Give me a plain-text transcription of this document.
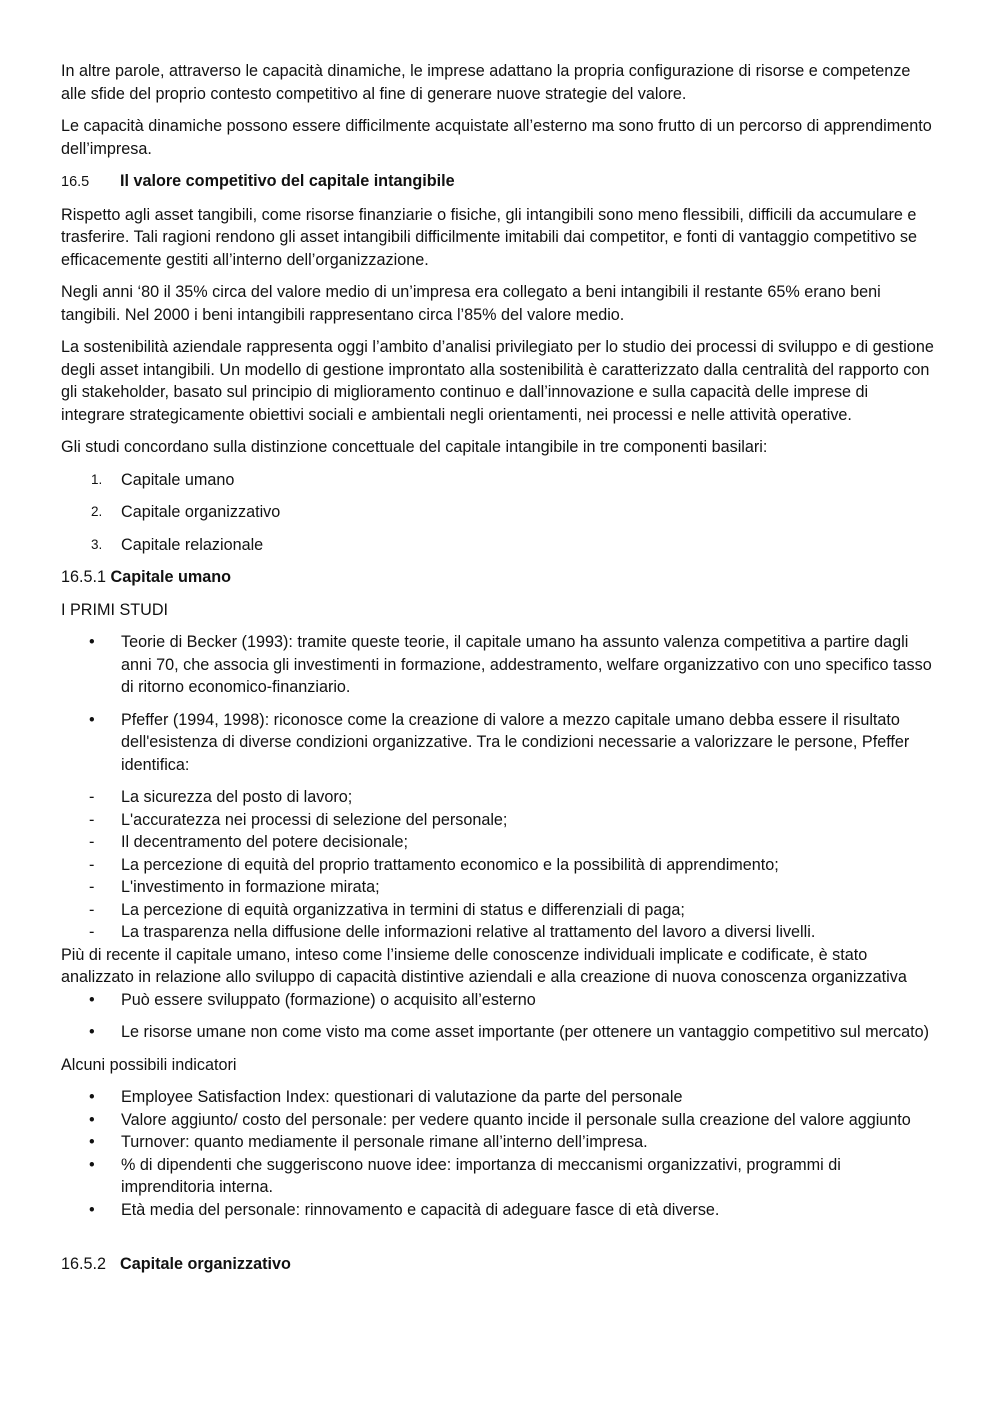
In altre parole, attraverso le capacità dinamiche, le imprese adattano la propria configurazione di risorse e competenze alle sfide del proprio contesto competitivo al fine di generare nuove strategie del valore.

Le capacità dinamiche possono essere difficilmente acquistate all’esterno ma sono frutto di un percorso di apprendimento dell’impresa.

16.5 Il valore competitivo del capitale intangibile

Rispetto agli asset tangibili, come risorse finanziarie o fisiche, gli intangibili sono meno flessibili, difficili da accumulare e trasferire. Tali ragioni rendono gli asset intangibili difficilmente imitabili dai competitor, e fonti di vantaggio competitivo se efficacemente gestiti all’interno dell’organizzazione.

Negli anni ‘80 il 35% circa del valore medio di un’impresa era collegato a beni intangibili il restante 65% erano beni tangibili. Nel 2000 i beni intangibili rappresentano circa l’85% del valore medio.

La sostenibilità aziendale rappresenta oggi l’ambito d’analisi privilegiato per lo studio dei processi di sviluppo e di gestione degli asset intangibili. Un modello di gestione improntato alla sostenibilità è caratterizzato dalla centralità del rapporto con gli stakeholder, basato sul principio di miglioramento continuo e dall’innovazione e sulla capacità delle imprese di integrare strategicamente obiettivi sociali e ambientali negli orientamenti, nei processi e nelle attività operative.

Gli studi concordano sulla distinzione concettuale del capitale intangibile in tre componenti basilari:

1. Capitale umano
2. Capitale organizzativo
3. Capitale relazionale
16.5.1 Capitale umano

I PRIMI STUDI

• Teorie di Becker (1993): tramite queste teorie, il capitale umano ha assunto valenza competitiva a partire dagli anni 70, che associa gli investimenti in formazione, addestramento, welfare organizzativo con uno specifico tasso di ritorno economico-finanziario.
• Pfeffer (1994, 1998): riconosce come la creazione di valore a mezzo capitale umano debba essere il risultato dell'esistenza di diverse condizioni organizzative. Tra le condizioni necessarie a valorizzare le persone, Pfeffer identifica:
- La sicurezza del posto di lavoro;
- L'accuratezza nei processi di selezione del personale;
- Il decentramento del potere decisionale;
- La percezione di equità del proprio trattamento economico e la possibilità di apprendimento;
- L'investimento in formazione mirata;
- La percezione di equità organizzativa in termini di status e differenziali di paga;
- La trasparenza nella diffusione delle informazioni relative al trattamento del lavoro a diversi livelli.
Più di recente il capitale umano, inteso come l’insieme delle conoscenze individuali implicate e codificate, è stato analizzato in relazione allo sviluppo di capacità distintive aziendali e alla creazione di nuova conoscenza organizzativa
• Può essere sviluppato (formazione) o acquisito all’esterno
• Le risorse umane non come visto ma come asset importante (per ottenere un vantaggio competitivo sul mercato)

Alcuni possibili indicatori

• Employee Satisfaction Index: questionari di valutazione da parte del personale
• Valore aggiunto/ costo del personale: per vedere quanto incide il personale sulla creazione del valore aggiunto
• Turnover: quanto mediamente il personale rimane all’interno dell’impresa.
• % di dipendenti che suggeriscono nuove idee: importanza di meccanismi organizzativi, programmi di imprenditoria interna.
• Età media del personale: rinnovamento e capacità di adeguare fasce di età diverse.
16.5.2 Capitale organizzativo
